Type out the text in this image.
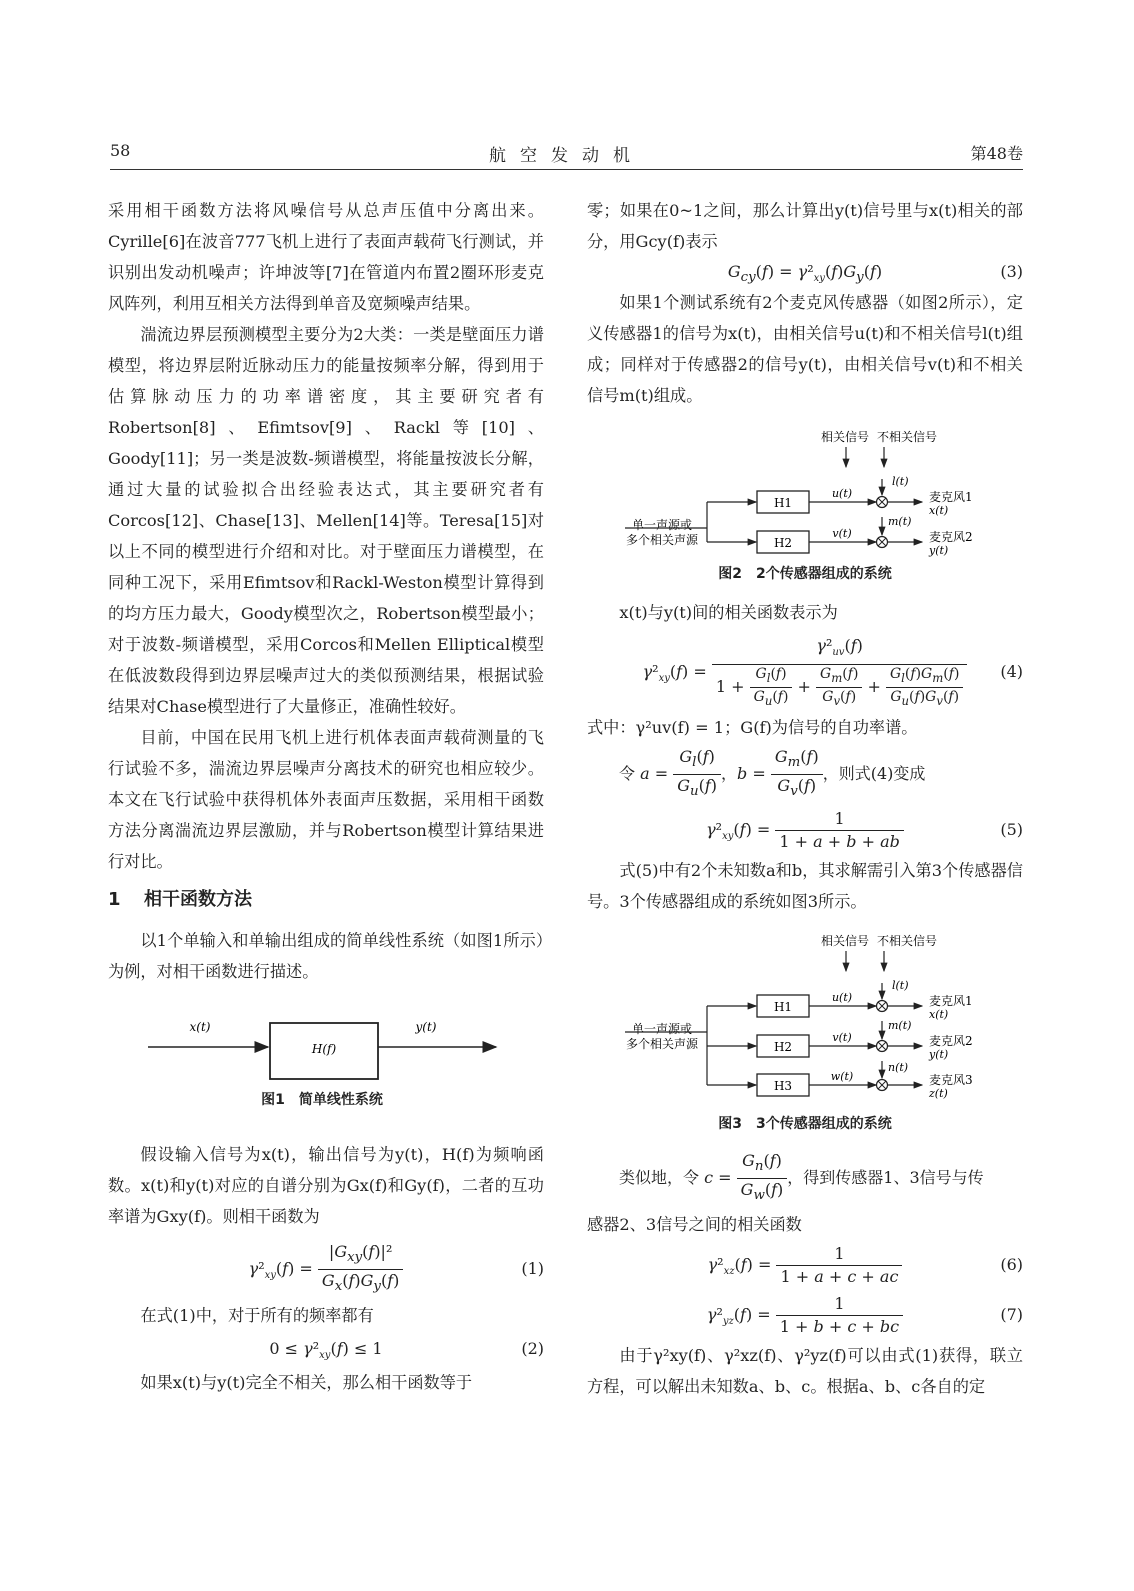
58	航空发动机	第48卷

采用相干函数方法将风噪信号从总声压值中分离出来。Cyrille[6]在波音777飞机上进行了表面声载荷飞行测试，并识别出发动机噪声；许坤波等[7]在管道内布置2圈环形麦克风阵列，利用互相关方法得到单音及宽频噪声结果。

湍流边界层预测模型主要分为2大类：一类是壁面压力谱模型，将边界层附近脉动压力的能量按频率分解，得到用于估算脉动压力的功率谱密度，其主要研究者有Robertson[8]、Efimtsov[9]、Rackl等[10]、Goody[11]；另一类是波数-频谱模型，将能量按波长分解，通过大量的试验拟合出经验表达式，其主要研究者有Corcos[12]、Chase[13]、Mellen[14]等。Teresa[15]对以上不同的模型进行介绍和对比。对于壁面压力谱模型，在同种工况下，采用Efimtsov和Rackl-Weston模型计算得到的均方压力最大，Goody模型次之，Robertson模型最小；对于波数-频谱模型，采用Corcos和Mellen Elliptical模型在低波数段得到边界层噪声过大的类似预测结果，根据试验结果对Chase模型进行了大量修正，准确性较好。

目前，中国在民用飞机上进行机体表面声载荷测量的飞行试验不多，湍流边界层噪声分离技术的研究也相应较少。本文在飞行试验中获得机体外表面声压数据，采用相干函数方法分离湍流边界层激励，并与Robertson模型计算结果进行对比。

1 相干函数方法

以1个单输入和单输出组成的简单线性系统（如图1所示）为例，对相干函数进行描述。

x(t)
H(f)
y(t)
图1　简单线性系统

假设输入信号为x(t)，输出信号为y(t)，H(f)为频响函数。x(t)和y(t)对应的自谱分别为Gx(f)和Gy(f)，二者的互功率谱为Gxy(f)。则相干函数为

$\gamma^2_{xy}(f) = \frac{|G_{xy}(f)|^2}{G_x(f)G_y(f)}$	(1)

在式(1)中，对于所有的频率都有

$0 \le \gamma^2_{xy}(f) \le 1$	(2)

如果x(t)与y(t)完全不相关，那么相干函数等于

零；如果在0~1之间，那么计算出y(t)信号里与x(t)相关的部分，用Gcy(f)表示

$G_{cy}(f) = \gamma^2_{xy}(f)G_y(f)$	(3)

如果1个测试系统有2个麦克风传感器（如图2所示），定义传感器1的信号为x(t)，由相关信号u(t)和不相关信号l(t)组成；同样对于传感器2的信号y(t)，由相关信号v(t)和不相关信号m(t)组成。

相关信号 不相关信号
单一声源或
多个相关声源
H1
H2
u(t)
v(t)
l(t)
m(t)
麦克风1
x(t)
麦克风2
y(t)
图2　2个传感器组成的系统

x(t)与y(t)间的相关函数表示为

$\gamma^2_{xy}(f) = \frac{\gamma^2_{uv}(f)}{1 + \frac{G_l(f)}{G_u(f)} + \frac{G_m(f)}{G_v(f)} + \frac{G_l(f)G_m(f)}{G_u(f)G_v(f)}} (4)$

式中：γ²uv(f) = 1；G(f)为信号的自功率谱。

令 $a = \frac{G_l(f)}{G_u(f)}$ ，$b = \frac{G_m(f)}{G_v(f)}$ ，则式(4)变成
$\gamma^2_{xy}(f) = \frac{1}{1 + a + b + ab}$	(5)

式(5)中有2个未知数a和b，其求解需引入第3个传感器信号。3个传感器组成的系统如图3所示。

相关信号 不相关信号
单一声源或
多个相关声源
H1
H2
H3
u(t)
v(t)
w(t)
l(t)
m(t)
n(t)
麦克风1
x(t)
麦克风2
y(t)
麦克风3
z(t)
图3　3个传感器组成的系统
类似地，令 $c = \frac{G_n(f)}{G_w(f)}$ ，得到传感器1、3信号与传

感器2、3信号之间的相关函数

$\gamma^2_{xz}(f) = \frac{1}{1 + a + c + ac}$	(6)
$\gamma^2_{yz}(f) = \frac{1}{1 + b + c + bc}$	(7)

由于γ²xy(f)、γ²xz(f)、γ²yz(f)可以由式(1)获得，联立方程，可以解出未知数a、b、c。根据a、b、c各自的定
